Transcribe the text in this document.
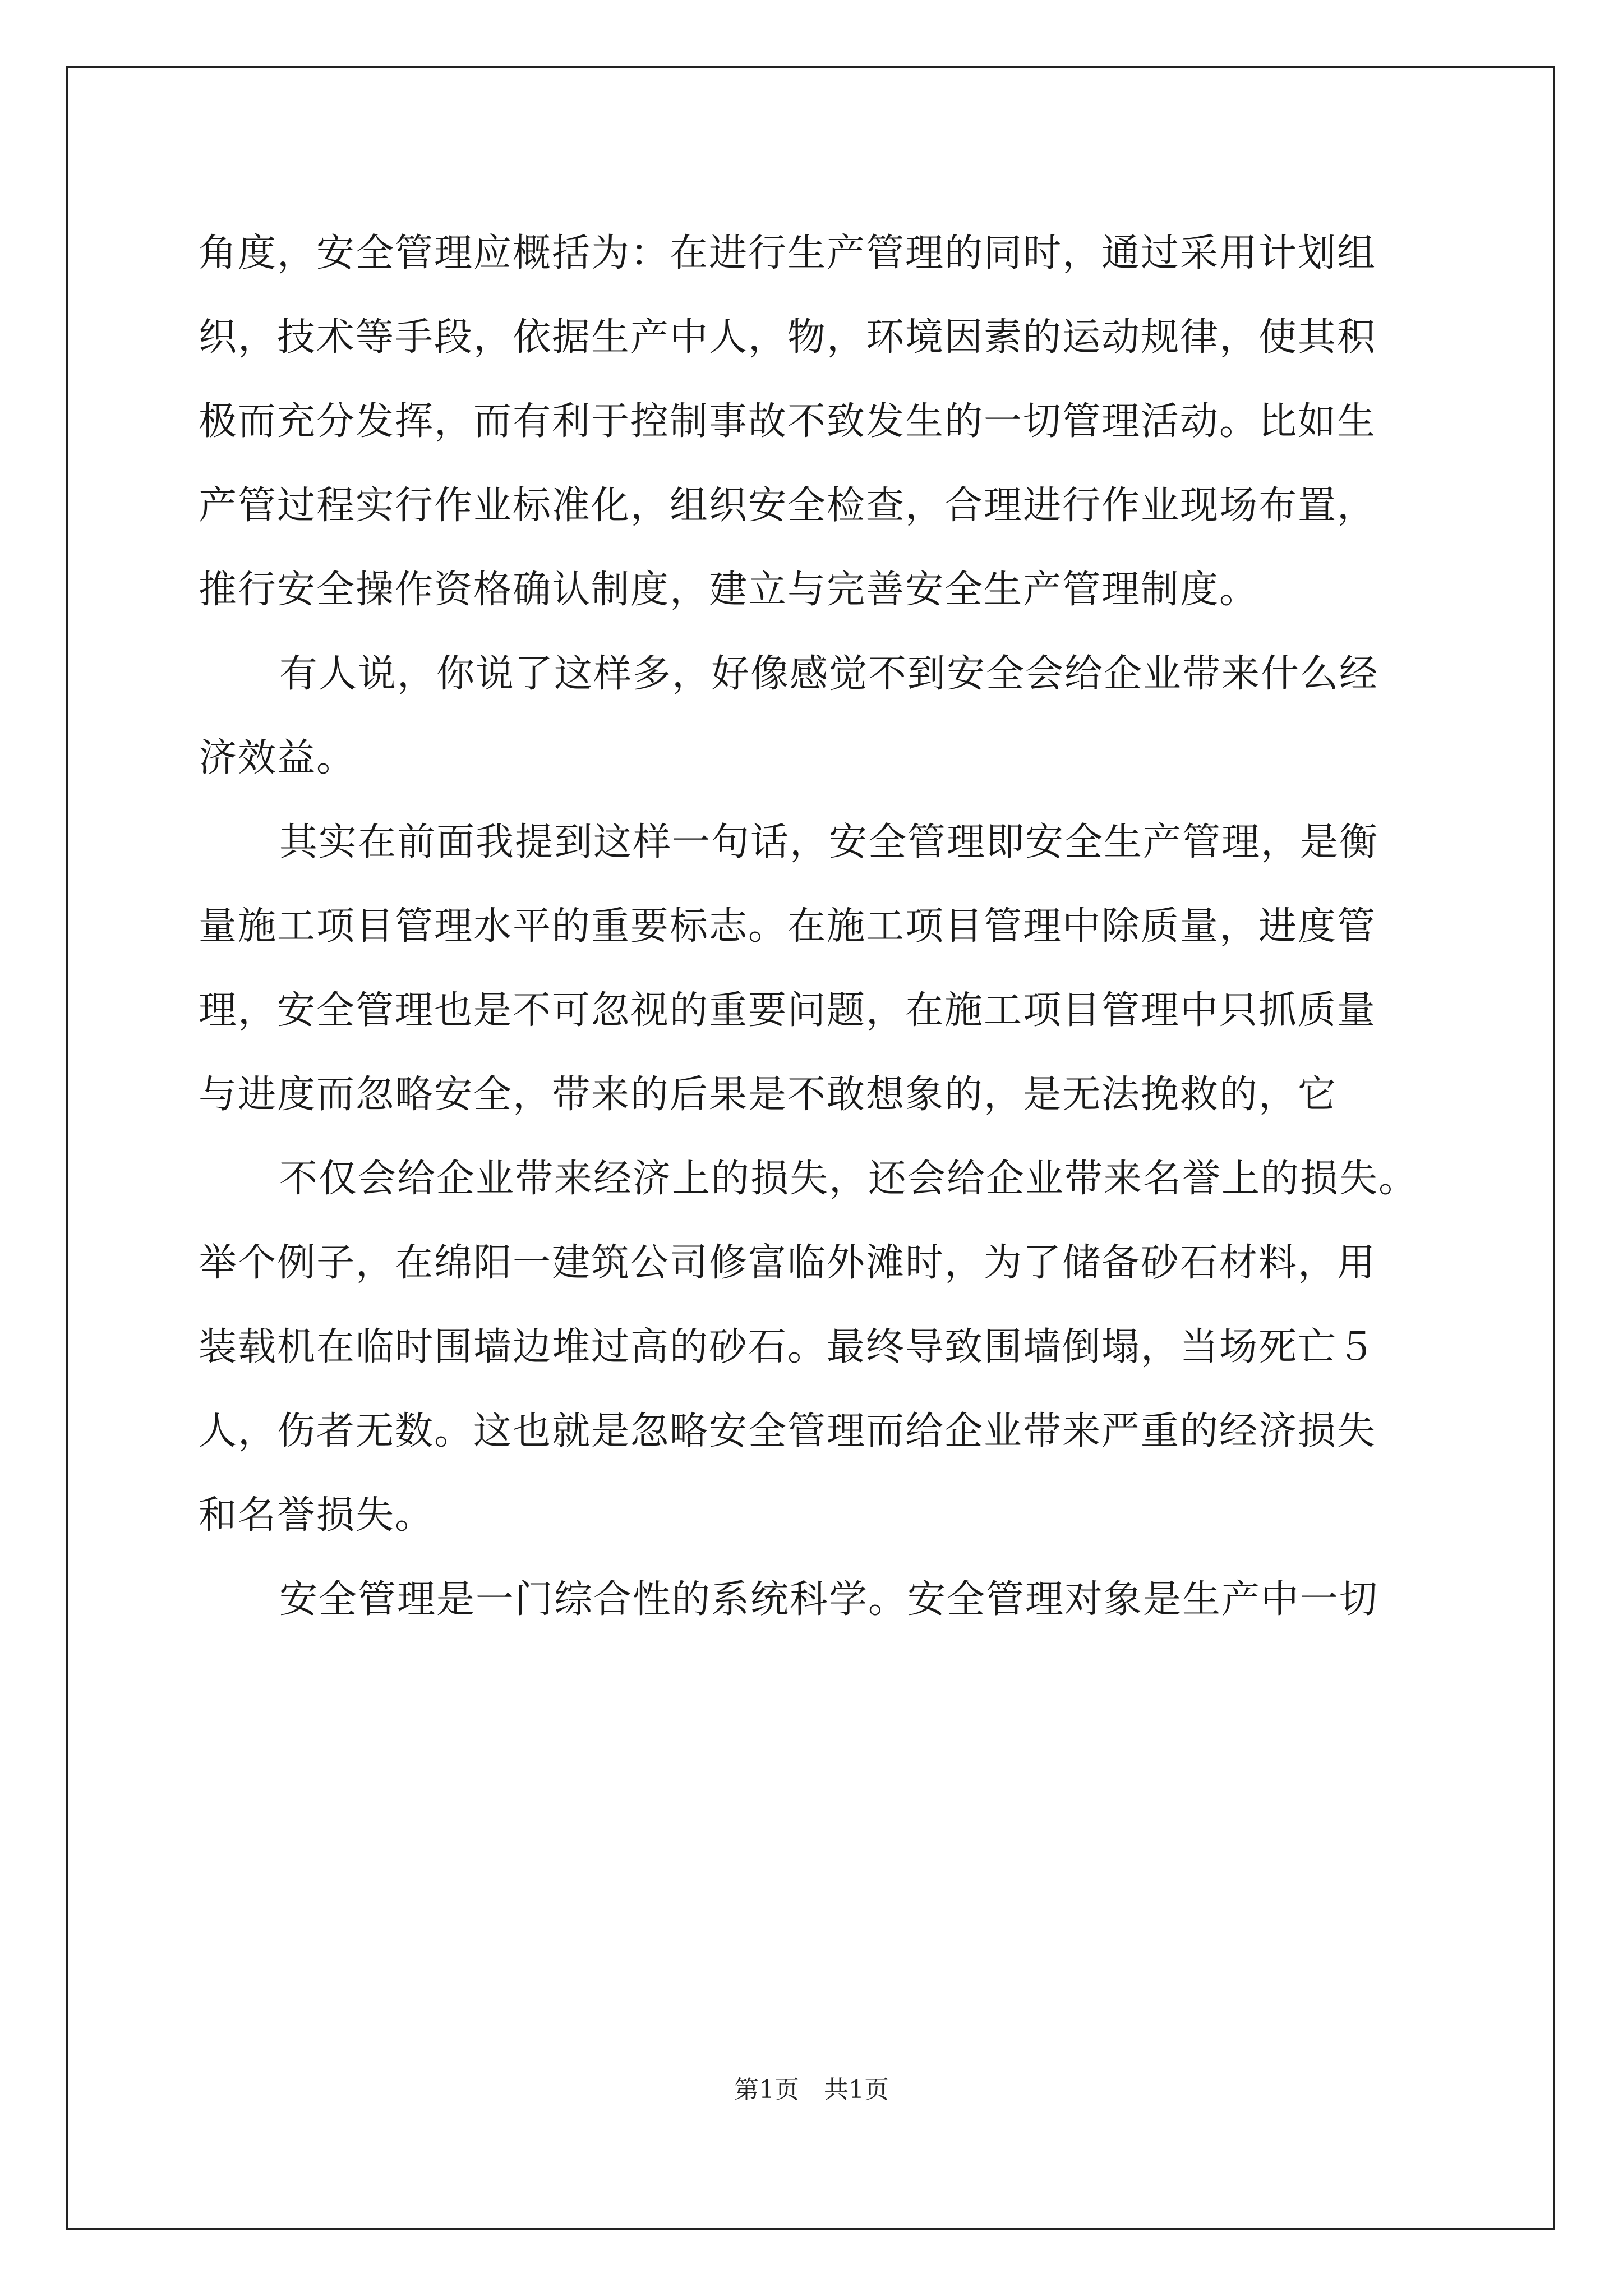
角度，安全管理应概括为：在进行生产管理的同时，通过采用计划组
织，技术等手段，依据生产中人，物，环境因素的运动规律，使其积
极而充分发挥，而有利于控制事故不致发生的一切管理活动。比如生
产管过程实行作业标准化，组织安全检查，合理进行作业现场布置，
推行安全操作资格确认制度，建立与完善安全生产管理制度。
有人说，你说了这样多，好像感觉不到安全会给企业带来什么经
济效益。
其实在前面我提到这样一句话，安全管理即安全生产管理，是衡
量施工项目管理水平的重要标志。在施工项目管理中除质量，进度管
理，安全管理也是不可忽视的重要问题，在施工项目管理中只抓质量
与进度而忽略安全，带来的后果是不敢想象的，是无法挽救的，它
不仅会给企业带来经济上的损失，还会给企业带来名誉上的损失。
举个例子，在绵阳一建筑公司修富临外滩时，为了储备砂石材料，用
装载机在临时围墙边堆过高的砂石。最终导致围墙倒塌，当场死亡５
人，伤者无数。这也就是忽略安全管理而给企业带来严重的经济损失
和名誉损失。
安全管理是一门综合性的系统科学。安全管理对象是生产中一切
第1页　共1页
